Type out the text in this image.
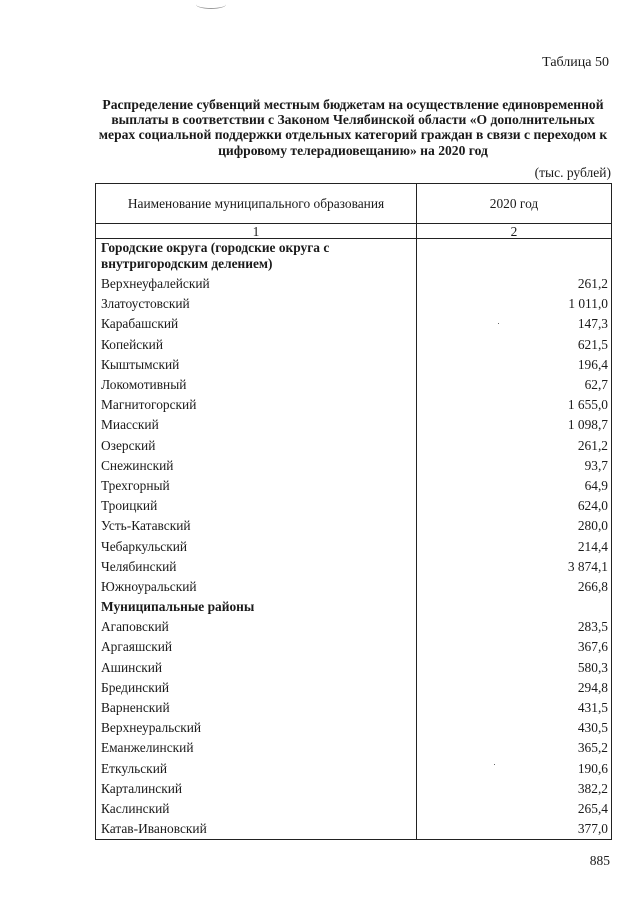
Таблица 50
Распределение субвенций местным бюджетам на осуществление единовременной выплаты в соответствии с Законом Челябинской области «О дополнительных мерах социальной поддержки отдельных категорий граждан в связи с переходом к цифровому телерадиовещанию» на 2020 год
(тыс. рублей)
Наименование муниципального образования	2020 год
1	2
Городские округа (городские округа с внутригородским делением)	
Верхнеуфалейский	261,2
Златоустовский	1 011,0
Карабашский	147,3
Копейский	621,5
Кыштымский	196,4
Локомотивный	62,7
Магнитогорский	1 655,0
Миасский	1 098,7
Озерский	261,2
Снежинский	93,7
Трехгорный	64,9
Троицкий	624,0
Усть-Катавский	280,0
Чебаркульский	214,4
Челябинский	3 874,1
Южноуральский	266,8
Муниципальные районы	
Агаповский	283,5
Аргаяшский	367,6
Ашинский	580,3
Брединский	294,8
Варненский	431,5
Верхнеуральский	430,5
Еманжелинский	365,2
Еткульский	190,6
Карталинский	382,2
Каслинский	265,4
Катав-Ивановский	377,0
885
